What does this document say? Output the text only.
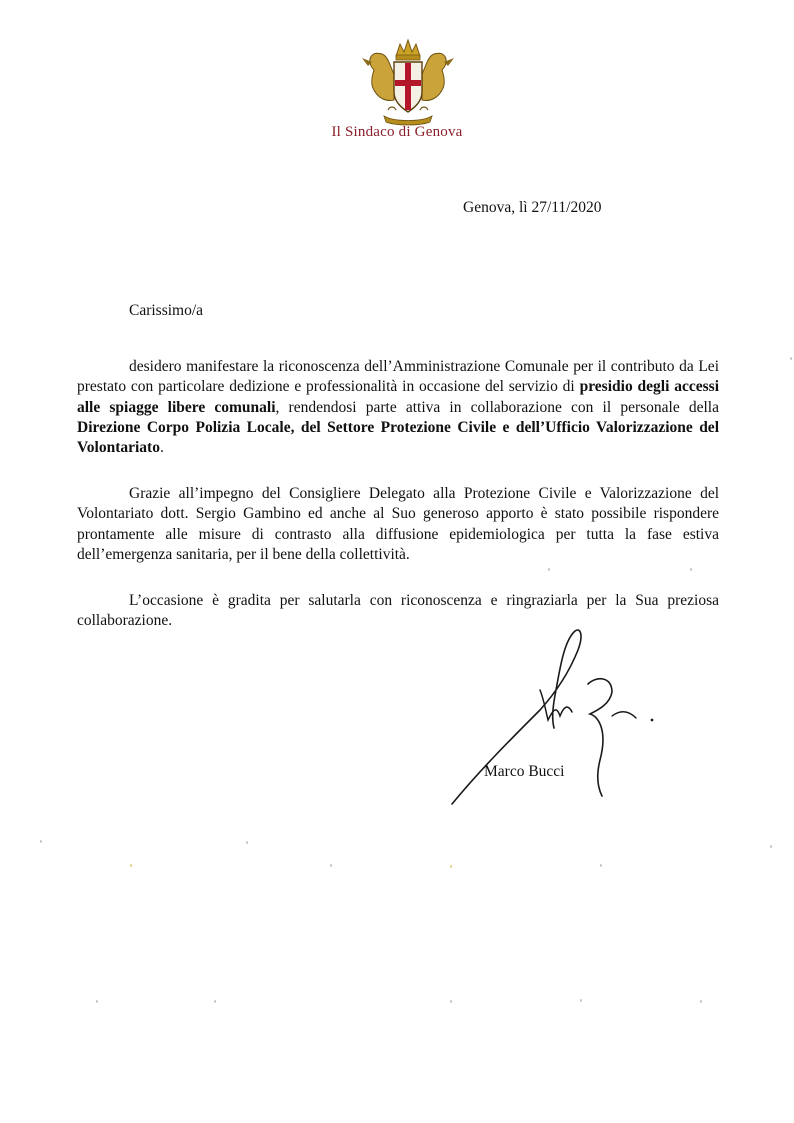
Il Sindaco di Genova
Genova, lì 27/11/2020
Carissimo/a
desidero manifestare la riconoscenza dell’Amministrazione Comunale per il contributo da Lei prestato con particolare dedizione e professionalità in occasione del servizio di presidio degli accessi alle spiagge libere comunali, rendendosi parte attiva in collaborazione con il personale della Direzione Corpo Polizia Locale, del Settore Protezione Civile e dell’Ufficio Valorizzazione del Volontariato.
Grazie all’impegno del Consigliere Delegato alla Protezione Civile e Valorizzazione del Volontariato dott. Sergio Gambino ed anche al Suo generoso apporto è stato possibile rispondere prontamente alle misure di contrasto alla diffusione epidemiologica per tutta la fase estiva dell’emergenza sanitaria, per il bene della collettività.
L’occasione è gradita per salutarla con riconoscenza e ringraziarla per la Sua preziosa collaborazione.
Marco Bucci
